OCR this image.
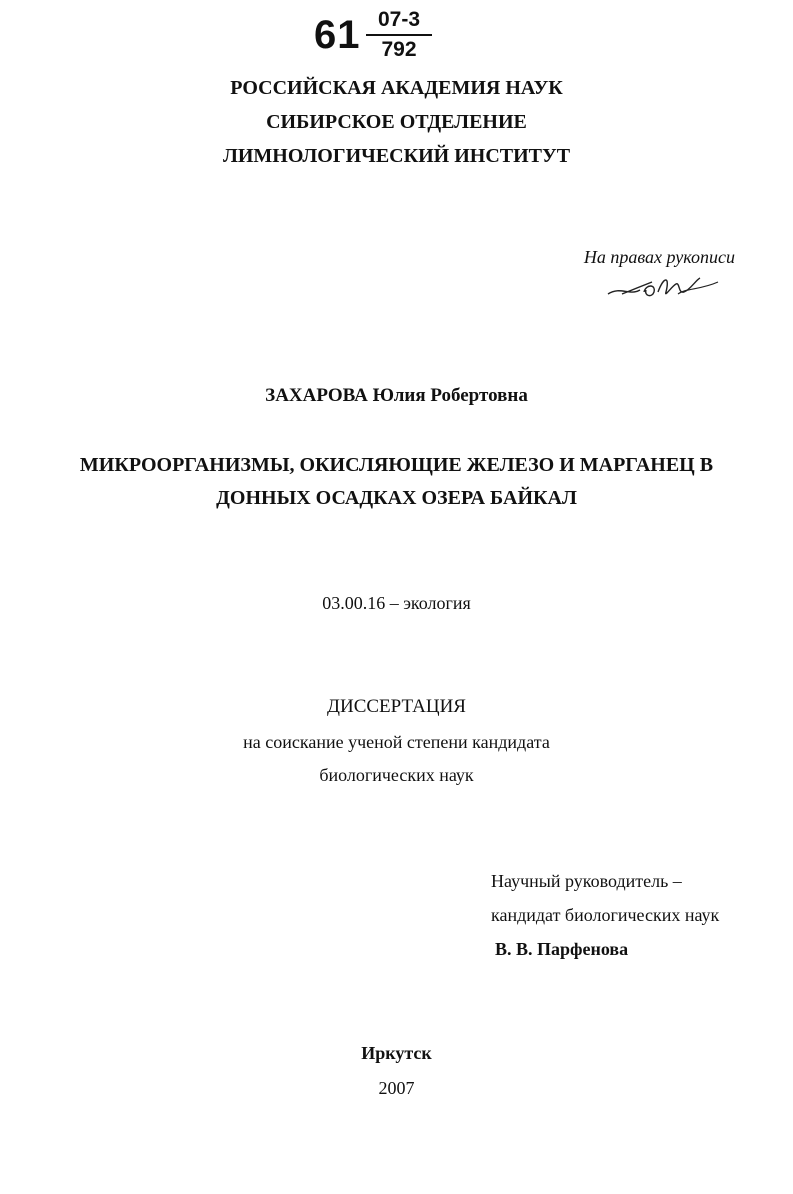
61 07-3
792
РОССИЙСКАЯ АКАДЕМИЯ НАУК
СИБИРСКОЕ ОТДЕЛЕНИЕ
ЛИМНОЛОГИЧЕСКИЙ ИНСТИТУТ
На правах рукописи
ЗАХАРОВА Юлия Робертовна
МИКРООРГАНИЗМЫ, ОКИСЛЯЮЩИЕ ЖЕЛЕЗО И МАРГАНЕЦ В
ДОННЫХ ОСАДКАХ ОЗЕРА БАЙКАЛ
03.00.16 – экология
ДИССЕРТАЦИЯ
на соискание ученой степени кандидата
биологических наук
Научный руководитель –
кандидат биологических наук
В. В. Парфенова
Иркутск
2007
